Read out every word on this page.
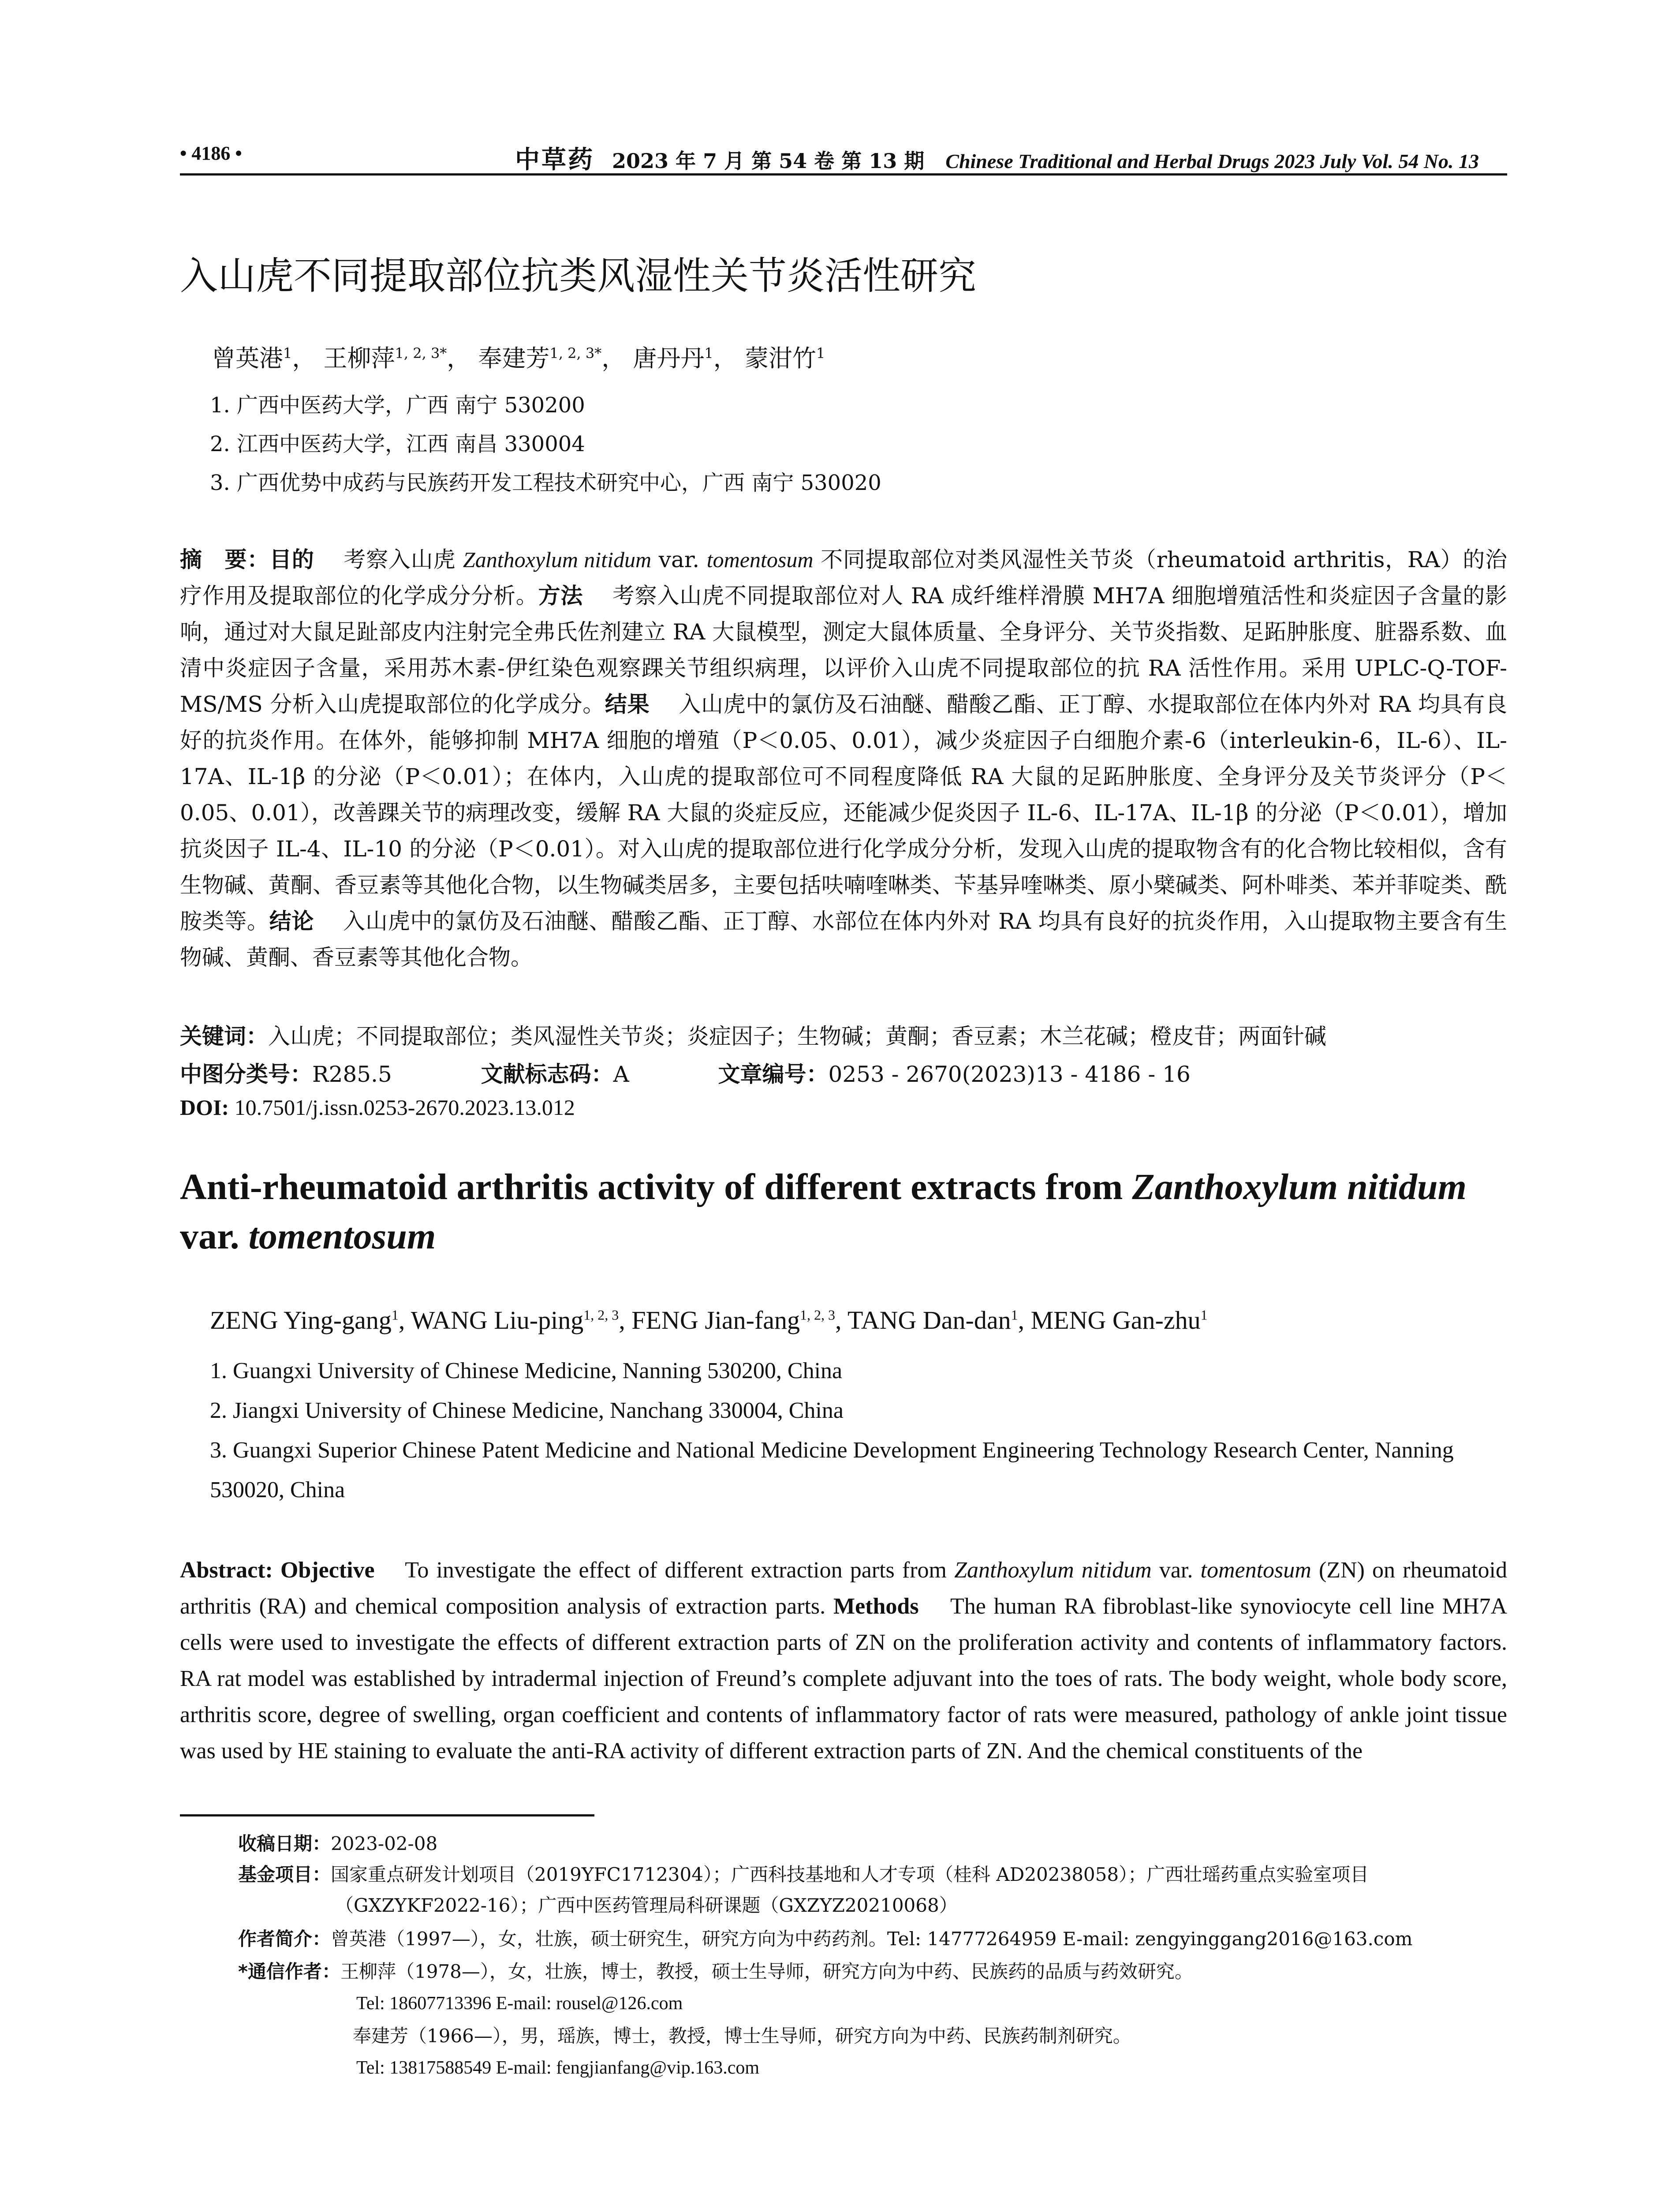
• 4186 •	中草药 2023 年 7 月 第 54 卷 第 13 期 Chinese Traditional and Herbal Drugs 2023 July Vol. 54 No. 13
入山虎不同提取部位抗类风湿性关节炎活性研究
曾英港$^1$， 王柳萍$^{1, 2, 3*}$， 奉建芳$^{1, 2, 3*}$， 唐丹丹$^1$， 蒙泔竹$^1$
1. 广西中医药大学，广西 南宁 530200
2. 江西中医药大学，江西 南昌 330004
3. 广西优势中成药与民族药开发工程技术研究中心，广西 南宁 530020
摘　要：目的 考察入山虎 Zanthoxylum nitidum var. tomentosum 不同提取部位对类风湿性关节炎（rheumatoid arthritis，RA）的治疗作用及提取部位的化学成分分析。方法 考察入山虎不同提取部位对人 RA 成纤维样滑膜 MH7A 细胞增殖活性和炎症因子含量的影响，通过对大鼠足趾部皮内注射完全弗氏佐剂建立 RA 大鼠模型，测定大鼠体质量、全身评分、关节炎指数、足跖肿胀度、脏器系数、血清中炎症因子含量，采用苏木素-伊红染色观察踝关节组织病理，以评价入山虎不同提取部位的抗 RA 活性作用。采用 UPLC-Q-TOF-MS/MS 分析入山虎提取部位的化学成分。结果 入山虎中的氯仿及石油醚、醋酸乙酯、正丁醇、水提取部位在体内外对 RA 均具有良好的抗炎作用。在体外，能够抑制 MH7A 细胞的增殖（P＜0.05、0.01），减少炎症因子白细胞介素-6（interleukin-6，IL-6）、IL-17A、IL-1β 的分泌（P＜0.01）；在体内，入山虎的提取部位可不同程度降低 RA 大鼠的足跖肿胀度、全身评分及关节炎评分（P＜0.05、0.01），改善踝关节的病理改变，缓解 RA 大鼠的炎症反应，还能减少促炎因子 IL-6、IL-17A、IL-1β 的分泌（P＜0.01），增加抗炎因子 IL-4、IL-10 的分泌（P＜0.01）。对入山虎的提取部位进行化学成分分析，发现入山虎的提取物含有的化合物比较相似，含有生物碱、黄酮、香豆素等其他化合物，以生物碱类居多，主要包括呋喃喹啉类、苄基异喹啉类、原小檗碱类、阿朴啡类、苯并菲啶类、酰胺类等。结论 入山虎中的氯仿及石油醚、醋酸乙酯、正丁醇、水部位在体内外对 RA 均具有良好的抗炎作用，入山提取物主要含有生物碱、黄酮、香豆素等其他化合物。
关键词：入山虎；不同提取部位；类风湿性关节炎；炎症因子；生物碱；黄酮；香豆素；木兰花碱；橙皮苷；两面针碱
中图分类号：R285.5	文献标志码：A	文章编号：0253 - 2670(2023)13 - 4186 - 16
DOI: 10.7501/j.issn.0253-2670.2023.13.012
Anti-rheumatoid arthritis activity of different extracts from Zanthoxylum nitidum var. tomentosum
ZENG Ying-gang$^1$, WANG Liu-ping$^{1, 2, 3}$, FENG Jian-fang$^{1, 2, 3}$, TANG Dan-dan$^1$, MENG Gan-zhu$^1$
1. Guangxi University of Chinese Medicine, Nanning 530200, China
2. Jiangxi University of Chinese Medicine, Nanchang 330004, China
3. Guangxi Superior Chinese Patent Medicine and National Medicine Development Engineering Technology Research Center, Nanning 530020, China
Abstract: Objective To investigate the effect of different extraction parts from Zanthoxylum nitidum var. tomentosum (ZN) on rheumatoid arthritis (RA) and chemical composition analysis of extraction parts. Methods The human RA fibroblast-like synoviocyte cell line MH7A cells were used to investigate the effects of different extraction parts of ZN on the proliferation activity and contents of inflammatory factors. RA rat model was established by intradermal injection of Freund’s complete adjuvant into the toes of rats. The body weight, whole body score, arthritis score, degree of swelling, organ coefficient and contents of inflammatory factor of rats were measured, pathology of ankle joint tissue was used by HE staining to evaluate the anti-RA activity of different extraction parts of ZN. And the chemical constituents of the
收稿日期：2023-02-08
基金项目：国家重点研发计划项目（2019YFC1712304）；广西科技基地和人才专项（桂科 AD20238058）；广西壮瑶药重点实验室项目
（GXZYKF2022-16）；广西中医药管理局科研课题（GXZYZ20210068）
作者简介：曾英港（1997—），女，壮族，硕士研究生，研究方向为中药药剂。Tel: 14777264959 E-mail: zengyinggang2016@163.com
*通信作者：王柳萍（1978—），女，壮族，博士，教授，硕士生导师，研究方向为中药、民族药的品质与药效研究。
Tel: 18607713396 E-mail: rousel@126.com
奉建芳（1966—），男，瑶族，博士，教授，博士生导师，研究方向为中药、民族药制剂研究。
Tel: 13817588549 E-mail: fengjianfang@vip.163.com
